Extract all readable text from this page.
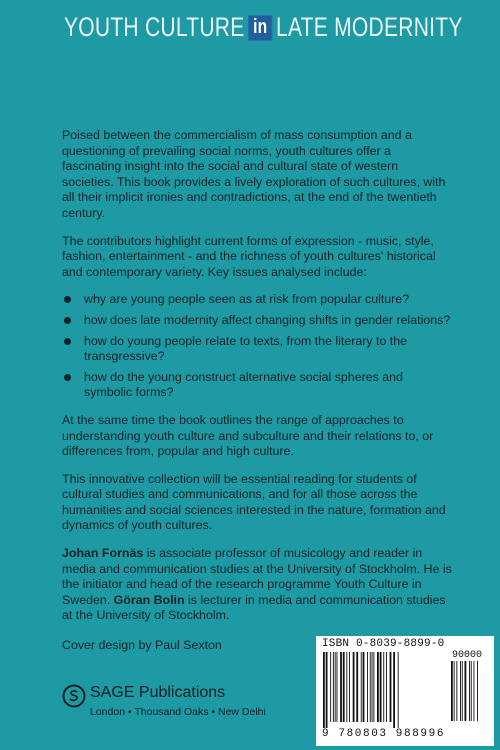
YOUTH CULTURE in LATE MODERNITY

Poised between the commercialism of mass consumption and a questioning of prevailing social norms, youth cultures offer a fascinating insight into the social and cultural state of western societies. This book provides a lively exploration of such cultures, with all their implicit ironies and contradictions, at the end of the twentieth century.

The contributors highlight current forms of expression - music, style, fashion, entertainment - and the richness of youth cultures' historical and contemporary variety. Key issues analysed include:

why are young people seen as at risk from popular culture?
how does late modernity affect changing shifts in gender relations?
how do young people relate to texts, from the literary to the transgressive?
how do the young construct alternative social spheres and symbolic forms?

At the same time the book outlines the range of approaches to understanding youth culture and subculture and their relations to, or differences from, popular and high culture.

This innovative collection will be essential reading for students of cultural studies and communications, and for all those across the humanities and social sciences interested in the nature, formation and dynamics of youth cultures.

Johan Fornäs is associate professor of musicology and reader in media and communication studies at the University of Stockholm. He is the initiator and head of the research programme Youth Culture in Sweden. Göran Bolin is lecturer in media and communication studies at the University of Stockholm.

Cover design by Paul Sexton	ISBN 0-8039-8899-0
90000
9 780803 988996
SAGE Publications
London • Thousand Oaks • New Delhi
